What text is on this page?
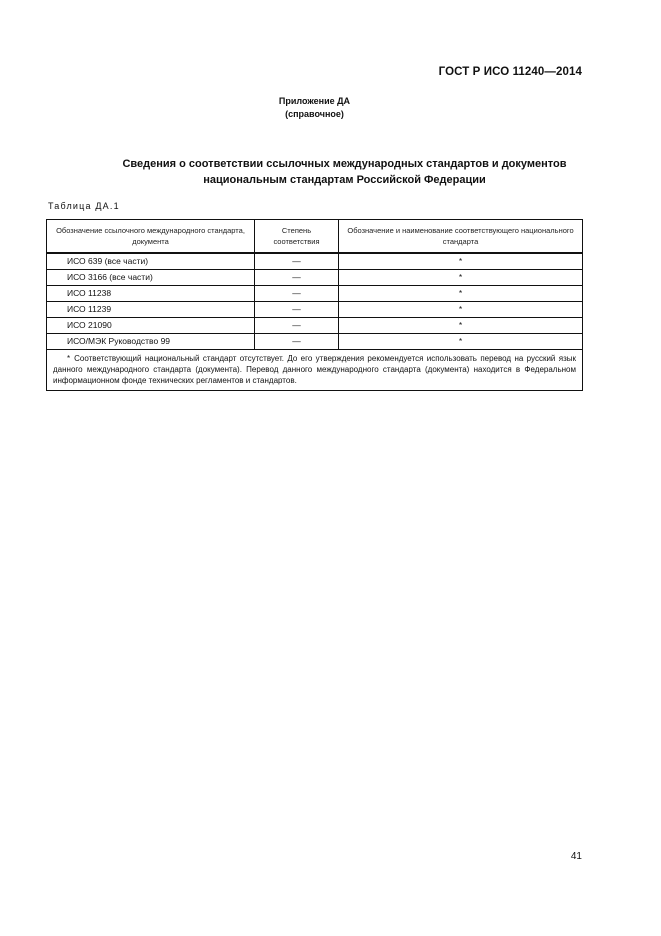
ГОСТ Р ИСО 11240—2014
Приложение ДА
(справочное)
Сведения о соответствии ссылочных международных стандартов и документов
национальным стандартам Российской Федерации
Таблица ДА.1
Обозначение ссылочного международного стандарта, документа	Степень соответствия	Обозначение и наименование соответствующего национального стандарта
ИСО 639 (все части)	—	*
ИСО 3166 (все части)	—	*
ИСО 11238	—	*
ИСО 11239	—	*
ИСО 21090	—	*
ИСО/МЭК Руководство 99	—	*
* Соответствующий национальный стандарт отсутствует. До его утверждения рекомендуется использовать перевод на русский язык данного международного стандарта (документа). Перевод данного международного стандарта (документа) находится в Федеральном информационном фонде технических регламентов и стандартов.		
41
